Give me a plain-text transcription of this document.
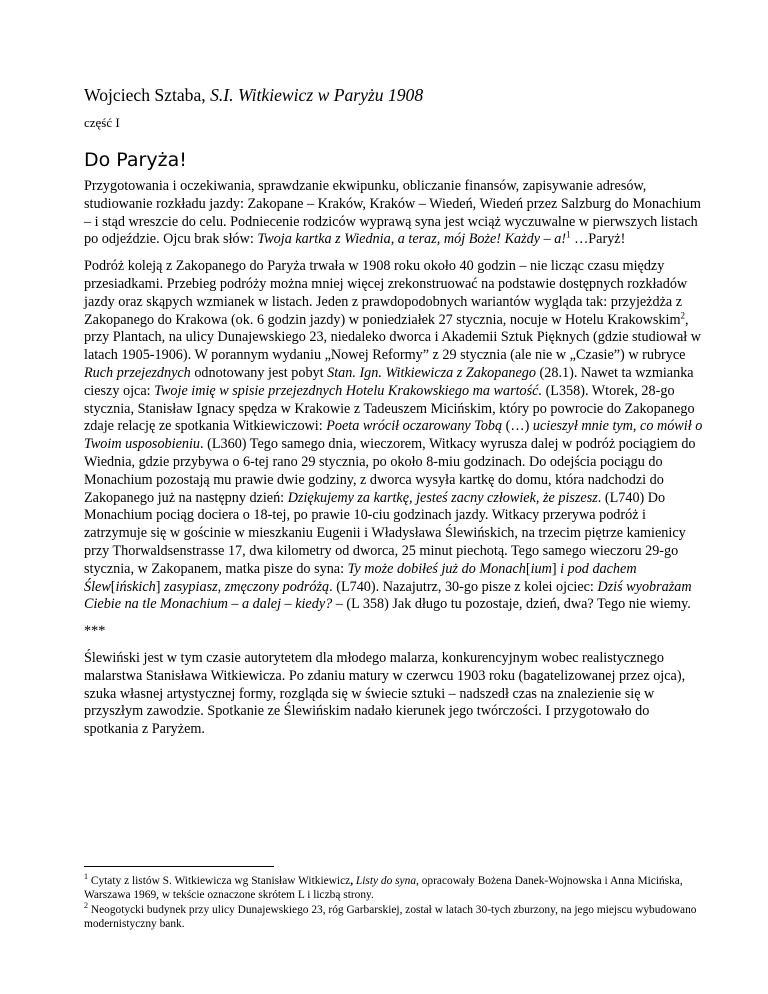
Wojciech Sztaba, S.I. Witkiewicz w Paryżu 1908
część I
Do Paryża!

Przygotowania i oczekiwania, sprawdzanie ekwipunku, obliczanie finansów, zapisywanie adresów, studiowanie rozkładu jazdy: Zakopane – Kraków, Kraków – Wiedeń, Wiedeń przez Salzburg do Monachium – i stąd wreszcie do celu. Podniecenie rodziców wyprawą syna jest wciąż wyczuwalne w pierwszych listach po odjeździe. Ojcu brak słów: Twoja kartka z Wiednia, a teraz, mój Boże! Każdy – a!$^1$ …Paryż!

Podróż koleją z Zakopanego do Paryża trwała w 1908 roku około 40 godzin – nie licząc czasu między przesiadkami. Przebieg podróży można mniej więcej zrekonstruować na podstawie dostępnych rozkładów jazdy oraz skąpych wzmianek w listach. Jeden z prawdopodobnych wariantów wygląda tak: przyjeżdża z Zakopanego do Krakowa (ok. 6 godzin jazdy) w poniedziałek 27 stycznia, nocuje w Hotelu Krakowskim$^2$, przy Plantach, na ulicy Dunajewskiego 23, niedaleko dworca i Akademii Sztuk Pięknych (gdzie studiował w latach 1905-1906). W porannym wydaniu „Nowej Reformy” z 29 stycznia (ale nie w „Czasie”) w rubryce Ruch przejezdnych odnotowany jest pobyt Stan. Ign. Witkiewicza z Zakopanego (28.1). Nawet ta wzmianka cieszy ojca: Twoje imię w spisie przejezdnych Hotelu Krakowskiego ma wartość. (L358). Wtorek, 28-go stycznia, Stanisław Ignacy spędza w Krakowie z Tadeuszem Micińskim, który po powrocie do Zakopanego zdaje relację ze spotkania Witkiewiczowi: Poeta wrócił oczarowany Tobą (…) ucieszył mnie tym, co mówił o Twoim usposobieniu. (L360) Tego samego dnia, wieczorem, Witkacy wyrusza dalej w podróż pociągiem do Wiednia, gdzie przybywa o 6-tej rano 29 stycznia, po około 8-miu godzinach. Do odejścia pociągu do Monachium pozostają mu prawie dwie godziny, z dworca wysyła kartkę do domu, która nadchodzi do Zakopanego już na następny dzień: Dziękujemy za kartkę, jesteś zacny człowiek, że piszesz. (L740) Do Monachium pociąg dociera o 18-tej, po prawie 10-ciu godzinach jazdy. Witkacy przerywa podróż i zatrzymuje się w gościnie w mieszkaniu Eugenii i Władysława Ślewińskich, na trzecim piętrze kamienicy przy Thorwaldsenstrasse 17, dwa kilometry od dworca, 25 minut piechotą. Tego samego wieczoru 29-go stycznia, w Zakopanem, matka pisze do syna: Ty może dobiłeś już do Monach[ium] i pod dachem Ślew[ińskich] zasypiasz, zmęczony podróżą. (L740). Nazajutrz, 30-go pisze z kolei ojciec: Dziś wyobrażam Ciebie na tle Monachium – a dalej – kiedy? – (L 358) Jak długo tu pozostaje, dzień, dwa? Tego nie wiemy.

***

Ślewiński jest w tym czasie autorytetem dla młodego malarza, konkurencyjnym wobec realistycznego malarstwa Stanisława Witkiewicza. Po zdaniu matury w czerwcu 1903 roku (bagatelizowanej przez ojca), szuka własnej artystycznej formy, rozgląda się w świecie sztuki – nadszedł czas na znalezienie się w przyszłym zawodzie. Spotkanie ze Ślewińskim nadało kierunek jego twórczości. I przygotowało do spotkania z Paryżem.

$^1$ Cytaty z listów S. Witkiewicza wg Stanisław Witkiewicz, Listy do syna, opracowały Bożena Danek-Wojnowska i Anna Micińska, Warszawa 1969, w tekście oznaczone skrótem L i liczbą strony.
$^2$ Neogotycki budynek przy ulicy Dunajewskiego 23, róg Garbarskiej, został w latach 30-tych zburzony, na jego miejscu wybudowano modernistyczny bank.
